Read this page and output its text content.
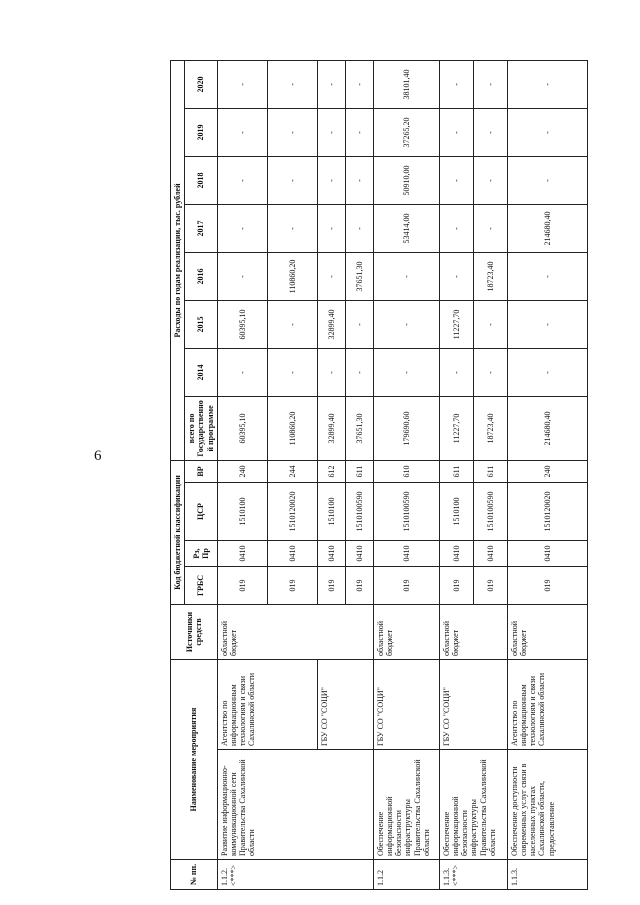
6
№ пп.	Наименование мероприятия		Источники средств	Код бюджетной классификации				Расходы по годам реализации, тыс. рублей							
				ГРБС	Рз, Пр	ЦСР	ВР	всего по Государственной программе	2014	2015	2016	2017	2018	2019	2020
1.1.2. <***>	Развитие информационно-коммуникационной сети Правительства Сахалинской области	Агентство по информационным технологиям и связи Сахалинской области	областной бюджет	019	0410	1510100	240	60395,10	-	60395,10	-	-	-	-	-
				019	0410	1510120020	244	110860,20	-	-	110860,20	-	-	-	-
		ГБУ СО "СОЦИ"		019	0410	1510100	612	32899,40	-	32899,40	-	-	-	-	-
				019	0410	1510100590	611	37651,30	-	-	37651,30	-	-	-	-
1.1.2	Обеспечение информационной безопасности инфраструктуры Правительства Сахалинской области	ГБУ СО "СОЦИ"	областной бюджет	019	0410	1510100590	610	179690,60	-	-	-	53414,00	50910,00	37265,20	38101,40
1.1.3. <***>	Обеспечение информационной безопасности инфраструктуры Правительства Сахалинской области	ГБУ СО "СОЦИ"	областной бюджет	019	0410	1510100	611	11227,70	-	11227,70	-	-	-	-	-
				019	0410	1510100590	611	18723,40	-	-	18723,40	-	-	-	-
1.1.3.	Обеспечение доступности современных услуг связи в населенных пунктах Сахалинской области, предоставление	Агентство по информационным технологиям и связи Сахалинской области	областной бюджет	019	0410	1510120020	240	214680,40	-	-	-	214680,40	-	-	-
